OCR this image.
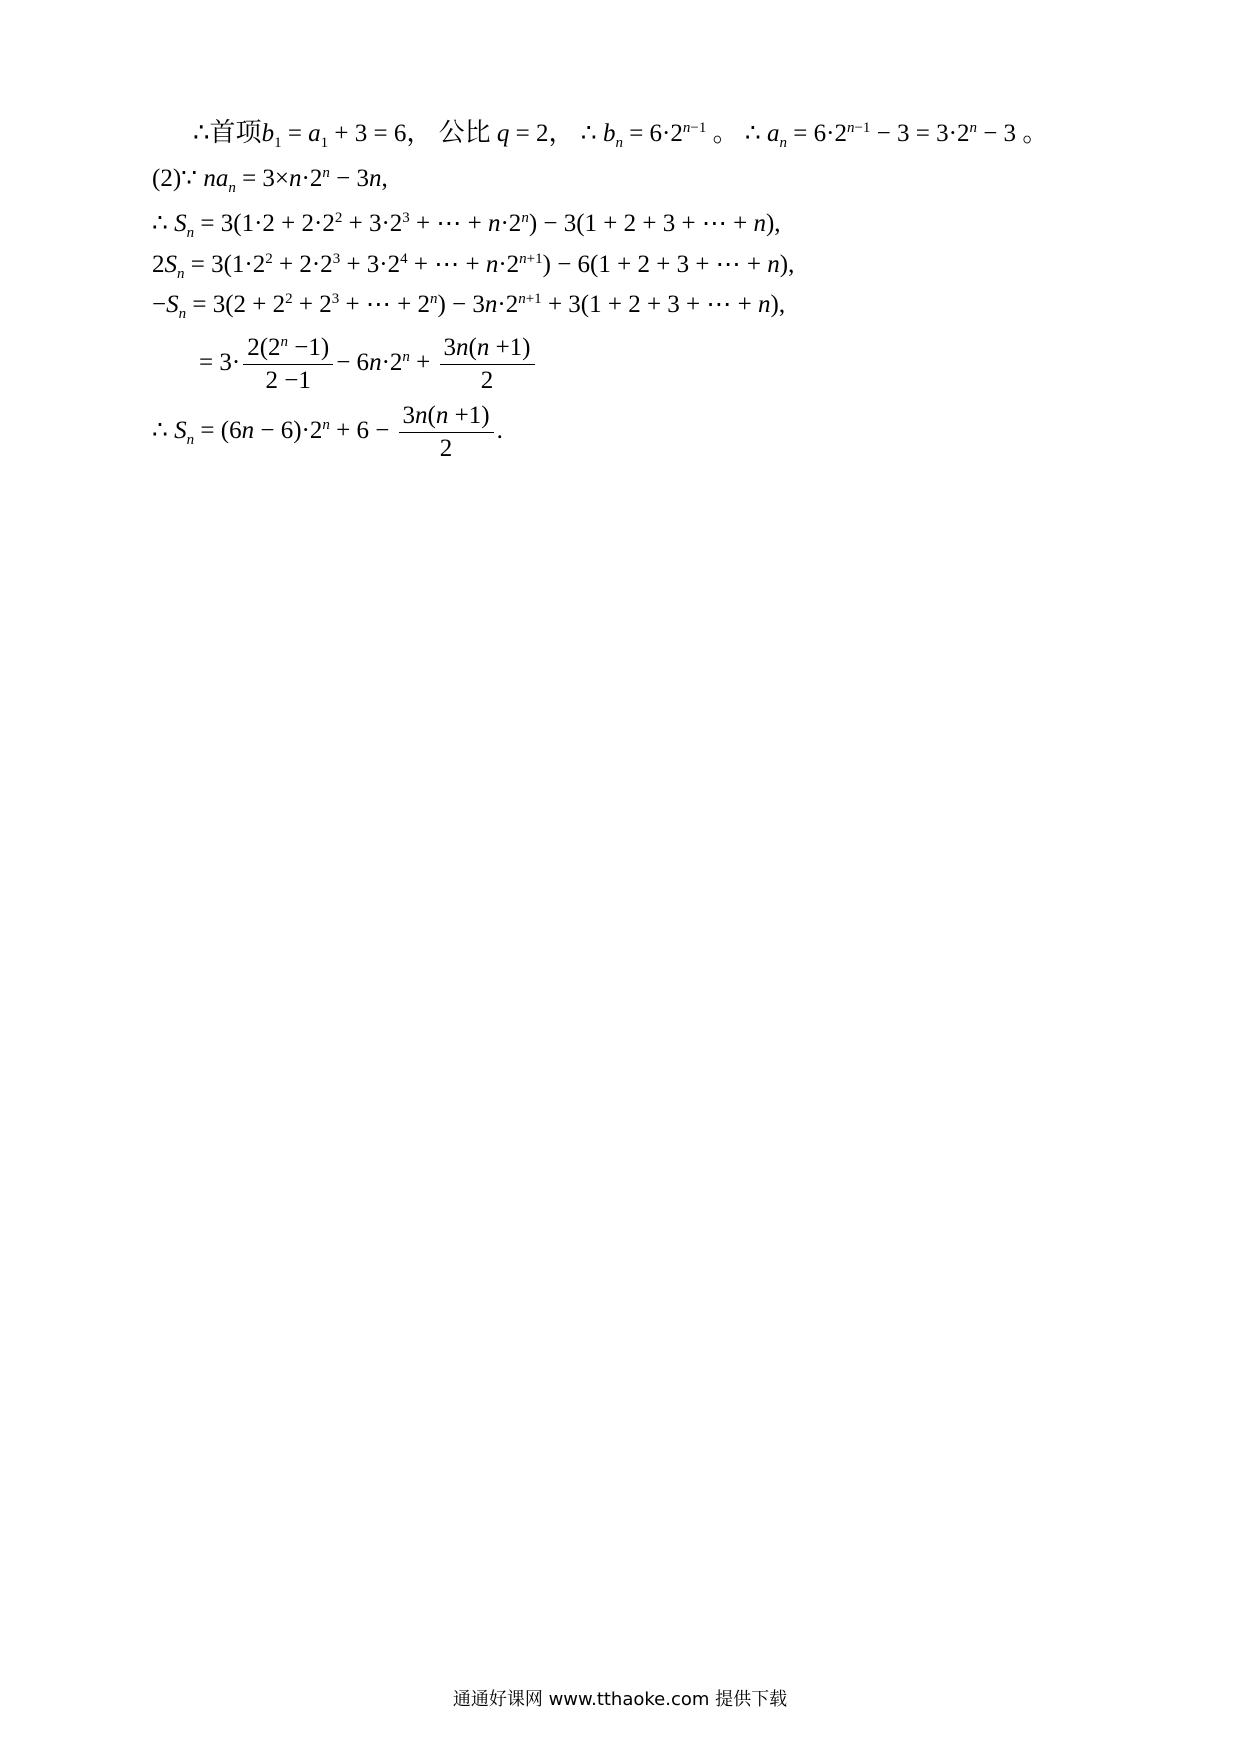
∴首项$b_1 = a_1 + 3 = 6$， 公比 q = 2， ∴ $b_n = 6\cdot 2^{n-1}$ 。 ∴ $a_n = 6\cdot 2^{n-1} - 3 = 3\cdot 2^n - 3$ 。
(2)∵ $na_n = 3\times n\cdot 2^n - 3n$,
∴ $S_n = 3(1\cdot 2 + 2\cdot 2^2 + 3\cdot 2^3$ + ⋯ + $n\cdot 2^n) - 3(1 + 2 + 3$ + ⋯ + n),
$2S_n = 3(1\cdot 2^2 + 2\cdot 2^3 + 3\cdot 2^4$ + ⋯ + $n\cdot 2^{n+1}) - 6(1 + 2 + 3$ + ⋯ + n),
$-S_n = 3(2 + 2^2 + 2^3$ + ⋯ + $2^n) - 3n\cdot 2^{n+1} + 3(1 + 2 + 3$ + ⋯ + n),
= $3\cdot \frac{2(2^n -1)}{2 -1} - 6n\cdot 2^n + \frac{3n(n +1)}{2}$
∴ $S_n = (6n - 6)\cdot 2^n + 6 - \frac{3n(n +1)}{2}$ .
通通好课网 www.tthaoke.com 提供下载
